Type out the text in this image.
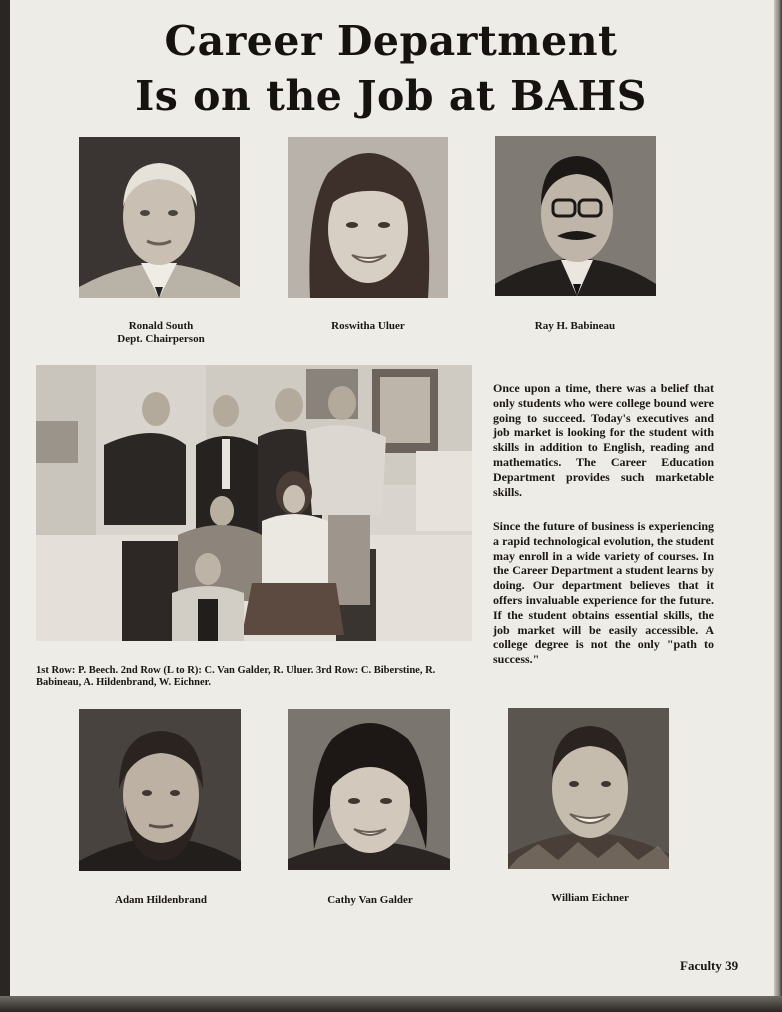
Career Department
Is on the Job at BAHS
Ronald South
Dept. Chairperson
Roswitha Uluer	Ray H. Babineau
1st Row: P. Beech. 2nd Row (L to R): C. Van Galder, R. Uluer. 3rd Row: C. Biberstine, R. Babineau, A. Hildenbrand, W. Eichner.

Once upon a time, there was a belief that only students who were college bound were going to succeed. Today's executives and job market is looking for the student with skills in addition to English, reading and mathematics. The Career Education Department provides such marketable skills.

Since the future of business is experiencing a rapid technological evolution, the student may enroll in a wide variety of courses. In the Career Department a student learns by doing. Our department believes that it offers invaluable experience for the future. If the student obtains essential skills, the job market will be easily accessible. A college degree is not the only "path to success."

Adam Hildenbrand	Cathy Van Galder	William Eichner
Faculty 39
